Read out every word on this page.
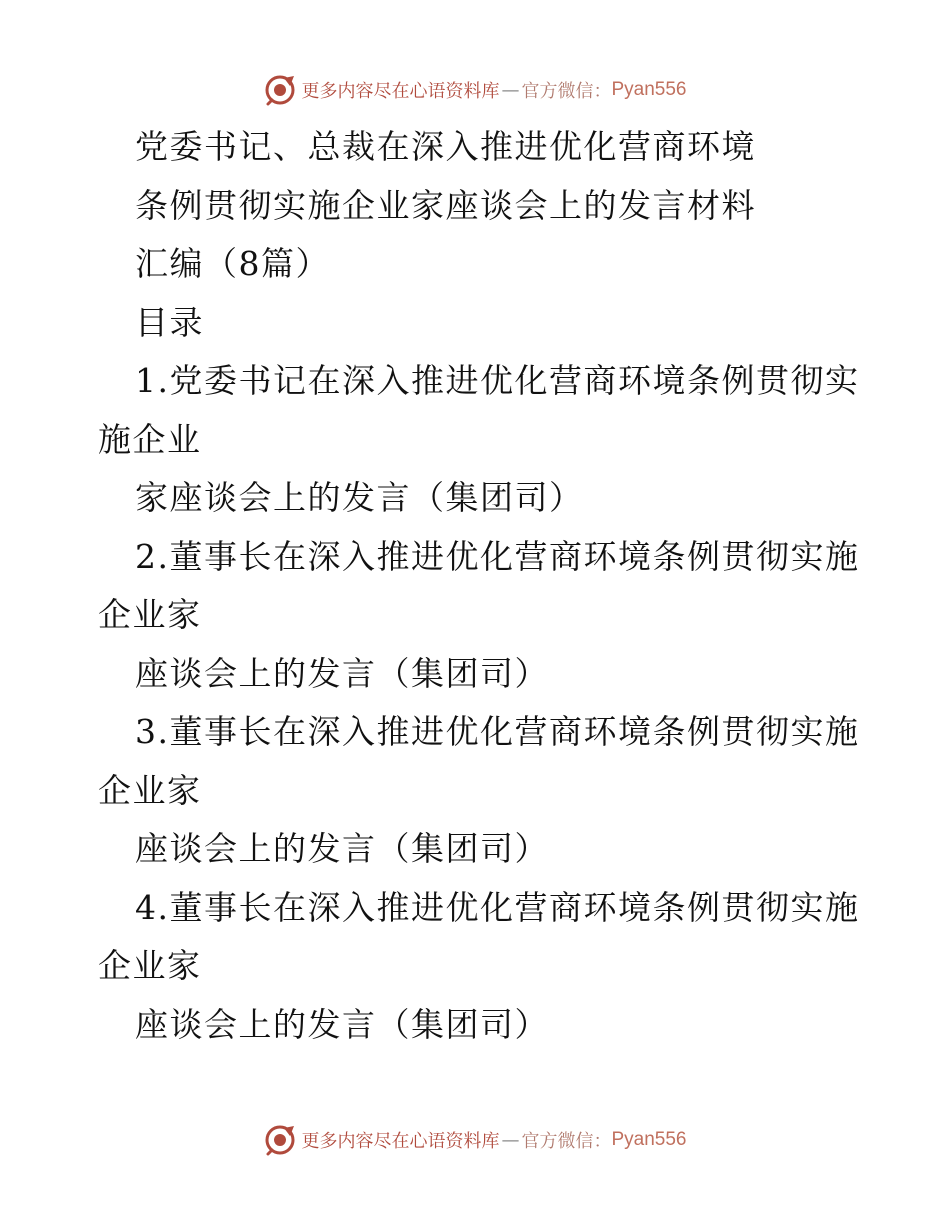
更多内容尽在心语资料库 — 官方微信： Pyan556
党委书记、总裁在深入推进优化营商环境
条例贯彻实施企业家座谈会上的发言材料
汇编（8篇）
目录
1.党委书记在深入推进优化营商环境条例贯彻实
施企业
家座谈会上的发言（集团司）
2.董事长在深入推进优化营商环境条例贯彻实施
企业家
座谈会上的发言（集团司）
3.董事长在深入推进优化营商环境条例贯彻实施
企业家
座谈会上的发言（集团司）
4.董事长在深入推进优化营商环境条例贯彻实施
企业家
座谈会上的发言（集团司）
更多内容尽在心语资料库 — 官方微信： Pyan556
